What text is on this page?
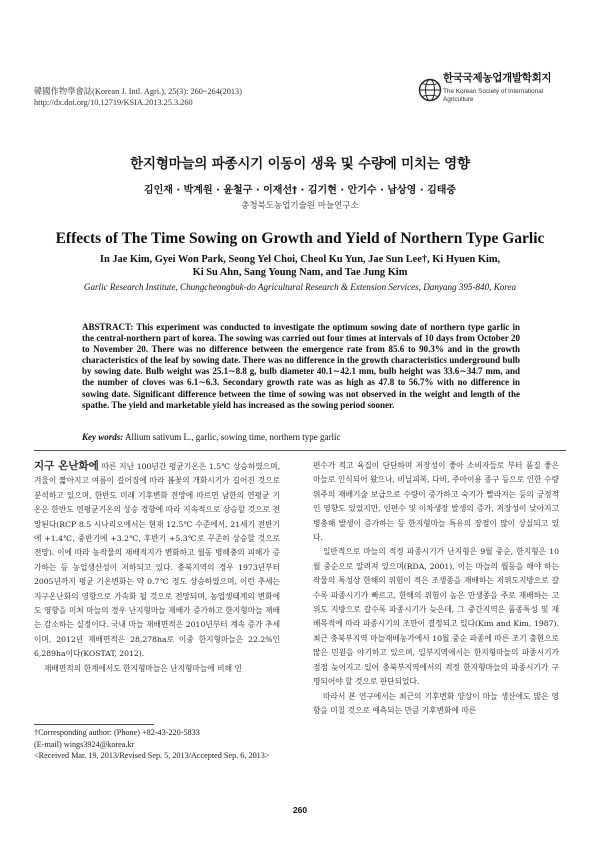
韓國作物學會誌(Korean J. Intl. Agri.), 25(3): 260~264(2013)
http://dx.doi.org/10.12719/KSIA.2013.25.3.260
한국국제농업개발학회지
The Korean Society of International
Agriculture
한지형마늘의 파종시기 이동이 생육 및 수량에 미치는 영향
김인재 · 박계원 · 윤철구 · 이재선† · 김기현 · 안기수 · 남상영 · 김태중
충청북도농업기술원 마늘연구소
Effects of The Time Sowing on Growth and Yield of Northern Type Garlic
In Jae Kim, Gyei Won Park, Seong Yel Choi, Cheol Ku Yun, Jae Sun Lee†, Ki Hyuen Kim,
Ki Su Ahn, Sang Young Nam, and Tae Jung Kim
Garlic Research Institute, Chungcheongbuk-do Agricultural Research & Extension Services, Danyang 395-840, Korea
ABSTRACT: This experiment was conducted to investigate the optimum sowing date of northern type garlic in the central-northern part of korea. The sowing was carried out four times at intervals of 10 days from October 20 to November 20. There was no difference between the emergence rate from 85.6 to 90.3% and in the growth characteristics of the leaf by sowing date. There was no difference in the growth characteristics underground bulb by sowing date. Bulb weight was 25.1∼8.8 g, bulb diameter 40.1∼42.1 mm, bulb height was 33.6∼34.7 mm, and the number of cloves was 6.1∼6.3. Secondary growth rate was as high as 47.8 to 56.7% with no difference in sowing date. Significant difference between the time of sowing was not observed in the weight and length of the spathe. The yield and marketable yield has increased as the sowing period sooner.
Key words: Allium sativum L., garlic, sowing time, northern type garlic

지구 온난화에 따른 지난 100년간 평균기온은 1.5℃ 상승하였으며, 겨울이 짧아지고 여름이 길어짐에 따라 봄꽃의 개화시기가 길어진 것으로 분석하고 있으며, 한반도 미래 기후변화 전망에 따르면 남한의 연평균 기온은 한반도 연평균기온의 상승 경향에 따라 지속적으로 상승할 것으로 전망된다(RCP 8.5 시나리오에서는 현재 12.5℃ 수준에서, 21세기 전반기에 +1.4℃, 중반기에 +3.2℃, 후반기 +5.3℃로 꾸준히 상승할 것으로 전망). 이에 따라 농작물의 재배적지가 변화하고 월동 병해충의 피해가 증가하는 등 농업생산성이 저하되고 있다. 충북지역의 경우 1973년부터 2005년까지 평균 기온변화는 약 0.7℃ 정도 상승하였으며, 이런 추세는 지구온난화의 영향으로 가속화 될 것으로 전망되며, 농업생태계의 변화에도 영향을 미쳐 마늘의 경우 난지형마늘 재배가 증가하고 한지형마늘 재배는 감소하는 실정이다. 국내 마늘 재배면적은 2010년부터 계속 증가 추세이며, 2012년 재배면적은 28,278ha로 이중 한지형마늘은 22.2%인 6,289ha이다(KOSTAT, 2012).

재배면적의 한계에서도 한지형마늘은 난지형마늘에 비해 인

편수가 적고 육질이 단단하며 저장성이 좋아 소비자들로 부터 품질 좋은 마늘로 인식되어 왔으나, 비닐피복, 다비, 주아이용 종구 등으로 인한 수량 위주의 재배기술 보급으로 수량이 증가하고 숙기가 빨라지는 등의 긍정적인 영향도 있었지만, 인편수 및 이차생장 발생의 증가, 저장성이 낮아지고 병충해 발생이 증가하는 등 한지형마늘 특유의 장점이 많이 상실되고 있다.

일반적으로 마늘의 적정 파종시기가 난지형은 9월 중순, 한지형은 10월 중순으로 알려져 있으며(RDA, 2001), 이는 마늘의 월동을 해야 하는 작물의 특성상 한해의 위험이 적은 조생종을 재배하는 저위도지방으로 갈수록 파종시기가 빠르고, 한해의 위험이 높은 만생종을 주로 재배하는 고위도 지방으로 갈수록 파종시기가 늦은데, 그 중간지역은 품종특성 및 재배목적에 따라 파종시기의 조만이 결정되고 있다(Kim and Kim, 1987). 최근 충북부지역 마늘재배농가에서 10월 중순 파종에 따른 조기 출현으로 많은 민원을 야기하고 있으며, 일부지역에서는 한지형마늘의 파종시기가 점점 늦어지고 있어 충북부지역에서의 적정 한지형마늘의 파종시기가 구명되어야 할 것으로 판단되었다.

따라서 본 연구에서는 최근의 기후변화 양상이 마늘 생산에도 많은 영향을 미칠 것으로 예측되는 만큼 기후변화에 따른

†Corresponding author: (Phone) +82-43-220-5833
(E-mail) wings3924@korea.kr
<Received Mar. 19, 2013/Revised Sep. 5, 2013/Accepted Sep. 6, 2013>
260
